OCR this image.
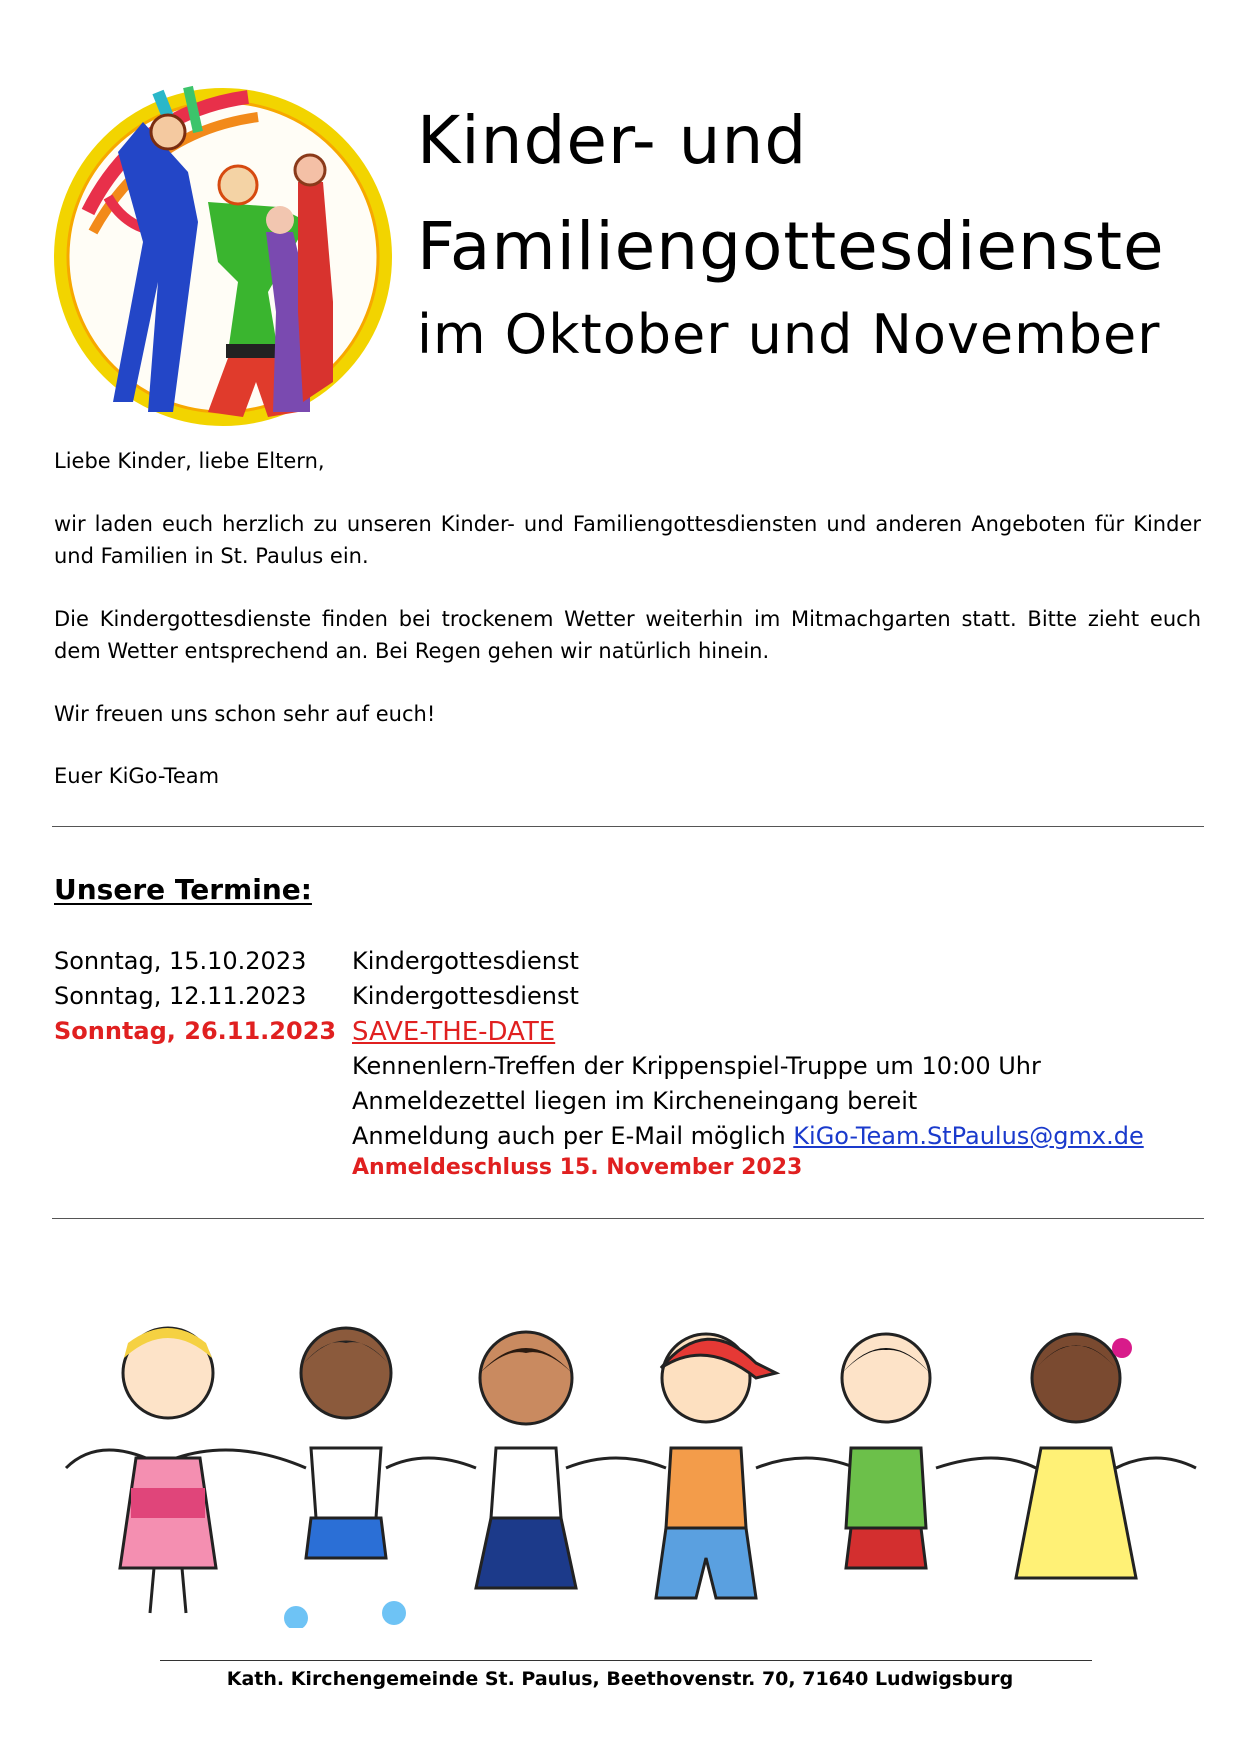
Kinder- und
Familiengottesdienste
im Oktober und November
Liebe Kinder, liebe Eltern,
wir laden euch herzlich zu unseren Kinder- und Familiengottesdiensten und anderen Angeboten für Kinder und Familien in St. Paulus ein.
Die Kindergottesdienste finden bei trockenem Wetter weiterhin im Mitmachgarten statt. Bitte zieht euch dem Wetter entsprechend an. Bei Regen gehen wir natürlich hinein.
Wir freuen uns schon sehr auf euch!
Euer KiGo-Team
Unsere Termine:
Sonntag, 15.10.2023 Kindergottesdienst
Sonntag, 12.11.2023 Kindergottesdienst
Sonntag, 26.11.2023 SAVE-THE-DATE
Kennenlern-Treffen der Krippenspiel-Truppe um 10:00 Uhr
Anmeldezettel liegen im Kircheneingang bereit
Anmeldung auch per E-Mail möglich KiGo-Team.StPaulus@gmx.de
Anmeldeschluss 15. November 2023
Kath. Kirchengemeinde St. Paulus, Beethovenstr. 70, 71640 Ludwigsburg
